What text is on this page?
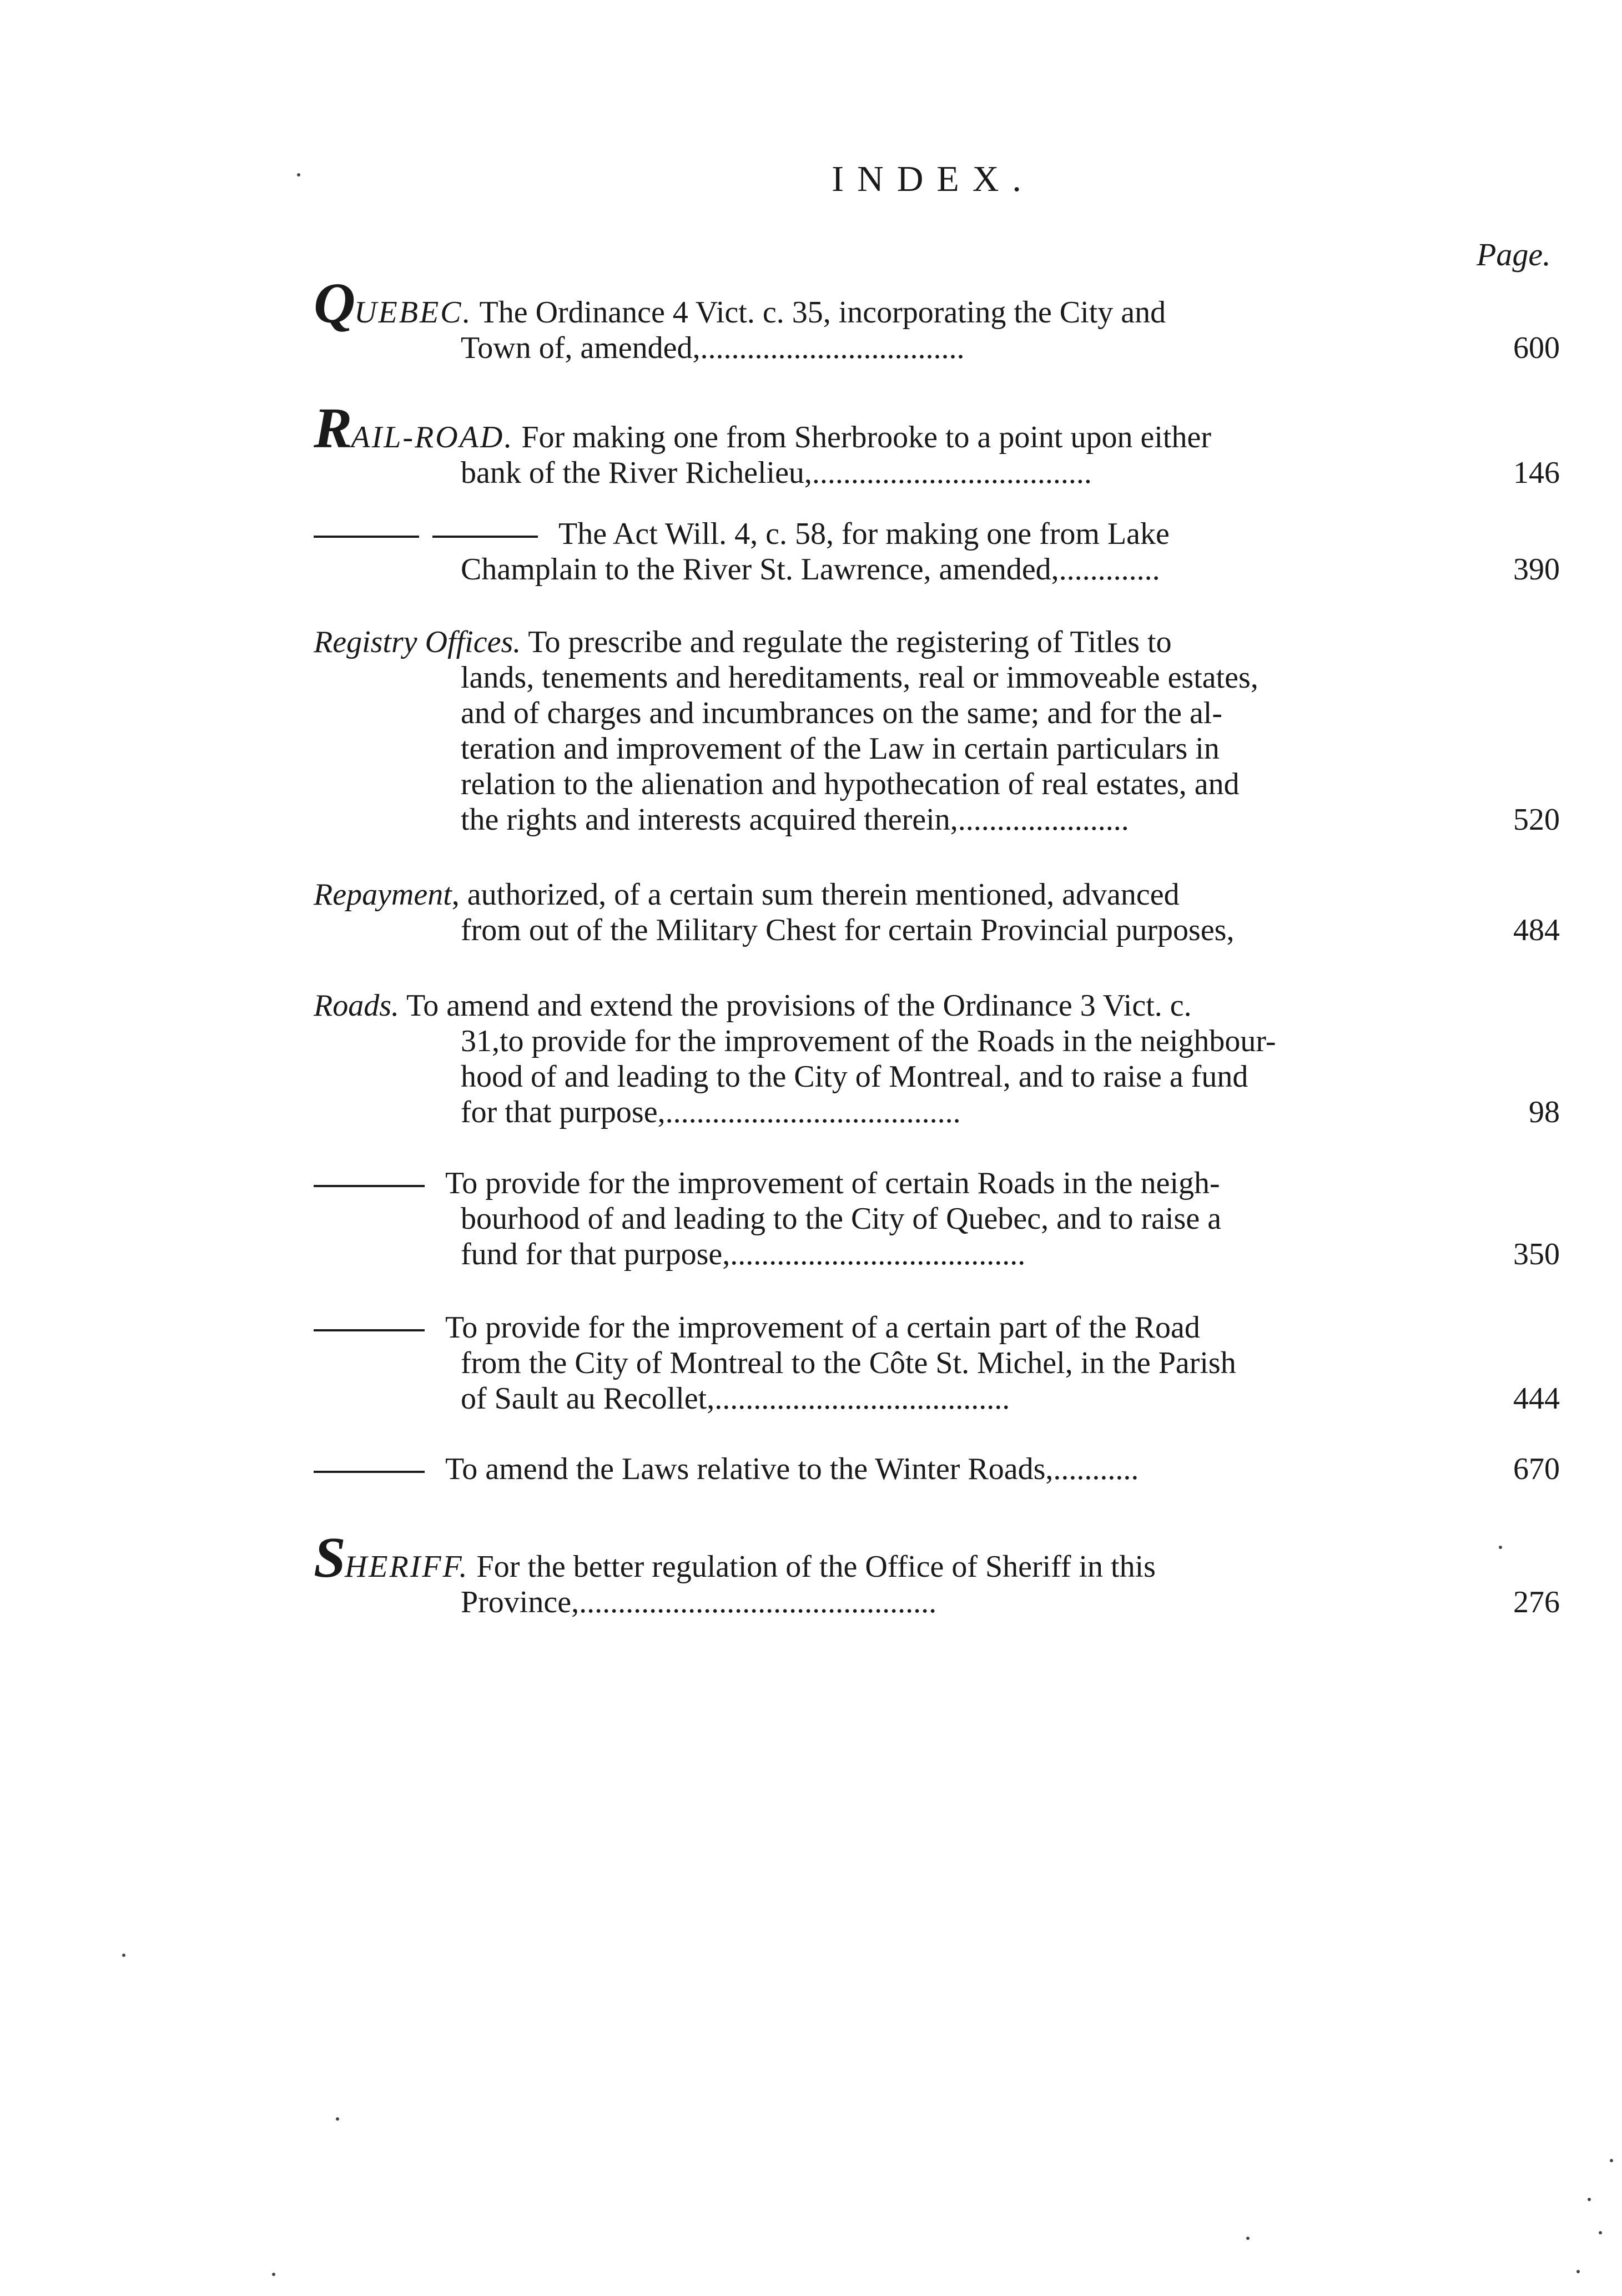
INDEX.
Page.
QUEBEC. The Ordinance 4 Vict. c. 35, incorporating the City and
Town of, amended,..................................	600
RAIL-ROAD. For making one from Sherbrooke to a point upon either
bank of the River Richelieu,....................................	146
The Act Will. 4, c. 58, for making one from Lake
Champlain to the River St. Lawrence, amended,.............	390
Registry Offices. To prescribe and regulate the registering of Titles to
lands, tenements and hereditaments, real or immoveable estates,
and of charges and incumbrances on the same; and for the al-
teration and improvement of the Law in certain particulars in
relation to the alienation and hypothecation of real estates, and
the rights and interests acquired therein,......................	520
Repayment, authorized, of a certain sum therein mentioned, advanced
from out of the Military Chest for certain Provincial purposes,	484
Roads. To amend and extend the provisions of the Ordinance 3 Vict. c.
31,to provide for the improvement of the Roads in the neighbour-
hood of and leading to the City of Montreal, and to raise a fund
for that purpose,......................................	98
To provide for the improvement of certain Roads in the neigh-
bourhood of and leading to the City of Quebec, and to raise a
fund for that purpose,......................................	350
To provide for the improvement of a certain part of the Road
from the City of Montreal to the Côte St. Michel, in the Parish
of Sault au Recollet,......................................	444
To amend the Laws relative to the Winter Roads,...........	670
SHERIFF. For the better regulation of the Office of Sheriff in this
Province,..............................................	276
